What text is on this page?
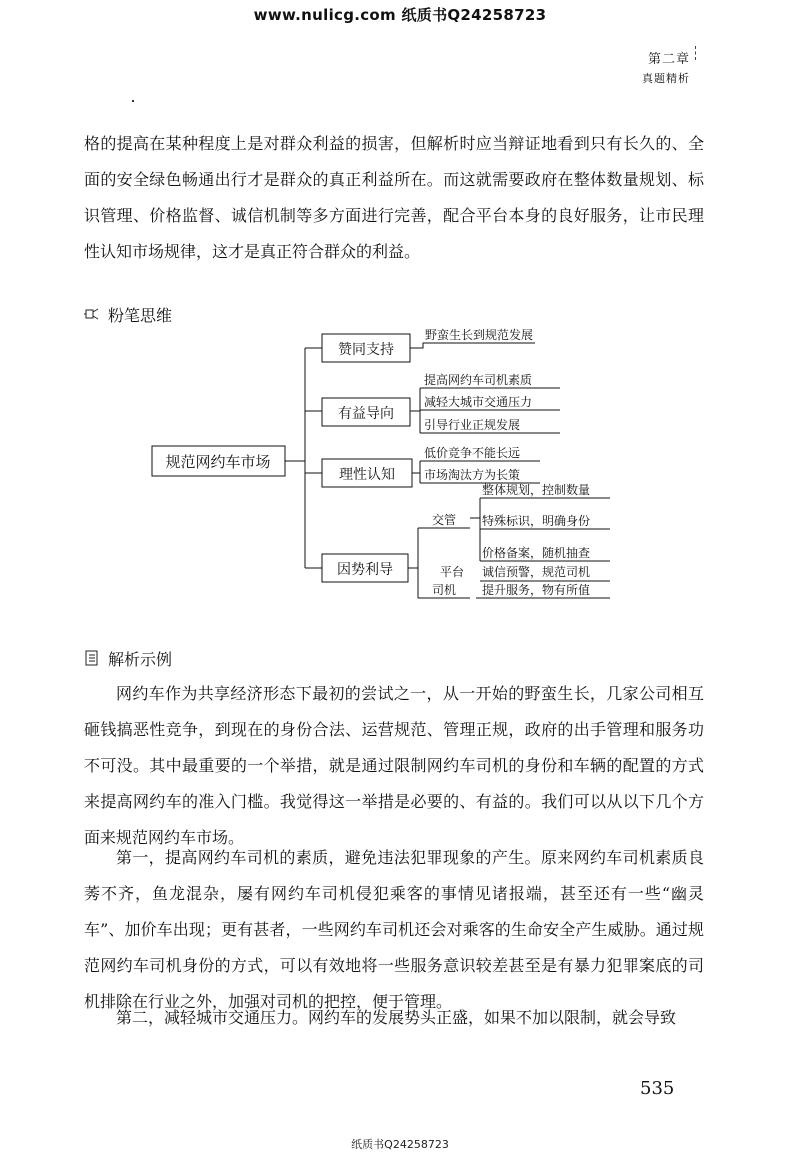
www.nulicg.com 纸质书Q24258723
第二章
真题精析

格的提高在某种程度上是对群众利益的损害，但解析时应当辩证地看到只有长久的、全面的安全绿色畅通出行才是群众的真正利益所在。而这就需要政府在整体数量规划、标识管理、价格监督、诚信机制等多方面进行完善，配合平台本身的良好服务，让市民理性认知市场规律，这才是真正符合群众的利益。

粉笔思维
规范网约车市场
赞同支持
野蛮生长到规范发展
有益导向
提高网约车司机素质
减轻大城市交通压力
引导行业正规发展
理性认知
低价竞争不能长远
市场淘汰方为长策
因势利导
交管
整体规划，控制数量
特殊标识，明确身份
价格备案，随机抽查
平台 诚信预警，规范司机
司机 提升服务，物有所值
解析示例

网约车作为共享经济形态下最初的尝试之一，从一开始的野蛮生长，几家公司相互砸钱搞恶性竞争，到现在的身份合法、运营规范、管理正规，政府的出手管理和服务功不可没。其中最重要的一个举措，就是通过限制网约车司机的身份和车辆的配置的方式来提高网约车的准入门槛。我觉得这一举措是必要的、有益的。我们可以从以下几个方面来规范网约车市场。

第一，提高网约车司机的素质，避免违法犯罪现象的产生。原来网约车司机素质良莠不齐，鱼龙混杂，屡有网约车司机侵犯乘客的事情见诸报端，甚至还有一些“幽灵车”、加价车出现；更有甚者，一些网约车司机还会对乘客的生命安全产生威胁。通过规范网约车司机身份的方式，可以有效地将一些服务意识较差甚至是有暴力犯罪案底的司机排除在行业之外，加强对司机的把控，便于管理。

第二，减轻城市交通压力。网约车的发展势头正盛，如果不加以限制，就会导致

535
纸质书Q24258723
